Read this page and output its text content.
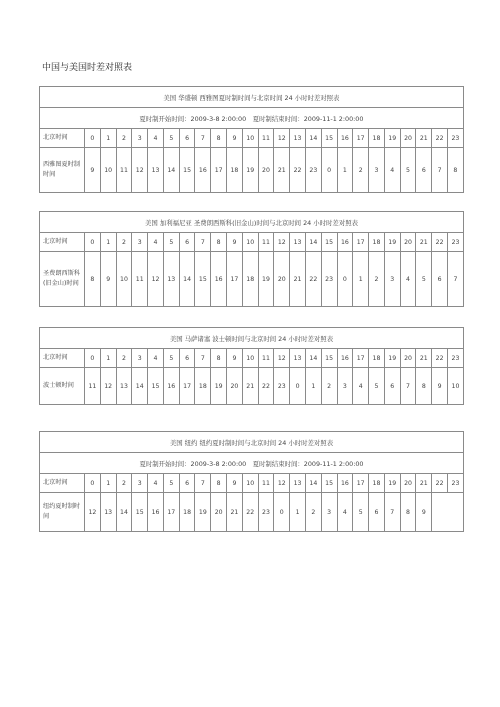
中国与美国时差对照表
美国 华盛顿 西雅图夏时制时间与北京时间 24 小时时差对照表																								
夏时制开始时间：2009-3-8 2:00:00　夏时制结束时间：2009-11-1 2:00:00																								
北京时间	0	1	2	3	4	5	6	7	8	9	10	11	12	13	14	15	16	17	18	19	20	21	22	23
西雅图夏时制时间	9	10	11	12	13	14	15	16	17	18	19	20	21	22	23	0	1	2	3	4	5	6	7	8
美国 加利福尼亚 圣费朗西斯科(旧金山)时间与北京时间 24 小时时差对照表																								
北京时间	0	1	2	3	4	5	6	7	8	9	10	11	12	13	14	15	16	17	18	19	20	21	22	23
圣费朗西斯科(旧金山)时间	8	9	10	11	12	13	14	15	16	17	18	19	20	21	22	23	0	1	2	3	4	5	6	7
美国 马萨诸塞 波士顿时间与北京时间 24 小时时差对照表																								
北京时间	0	1	2	3	4	5	6	7	8	9	10	11	12	13	14	15	16	17	18	19	20	21	22	23
波士顿时间	11	12	13	14	15	16	17	18	19	20	21	22	23	0	1	2	3	4	5	6	7	8	9	10
美国 纽约 纽约夏时制时间与北京时间 24 小时时差对照表																								
夏时制开始时间：2009-3-8 2:00:00　夏时制结束时间：2009-11-1 2:00:00																								
北京时间	0	1	2	3	4	5	6	7	8	9	10	11	12	13	14	15	16	17	18	19	20	21	22	23
纽约夏时制时间	12	13	14	15	16	17	18	19	20	21	22	23	0	1	2	3	4	5	6	7	8	9		
